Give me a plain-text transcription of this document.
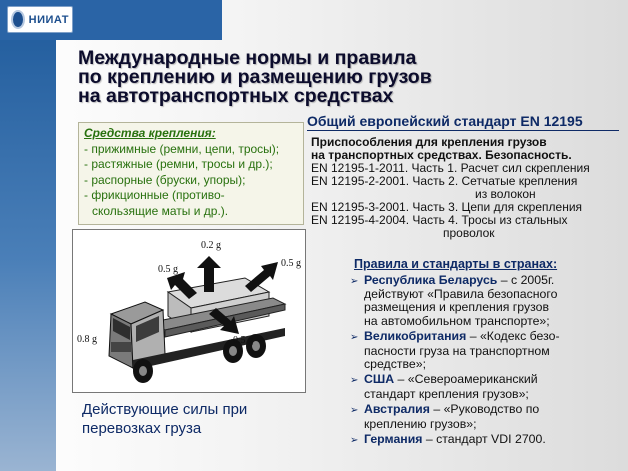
НИИАТ
Международные нормы и правила
по креплению и размещению грузов
на автотранспортных средствах
Общий европейский стандарт EN 12195
Приспособления для крепления грузов
на транспортных средствах. Безопасность.
EN 12195-1-2011. Часть 1. Расчет сил скрепления
EN 12195-2-2001. Часть 2. Сетчатые крепления
из волокон
EN 12195-3-2001. Часть 3. Цепи для скрепления
EN 12195-4-2004. Часть 4. Тросы из стальных
проволок
Средства крепления:
- прижимные (ремни, цепи, тросы);
- растяжные (ремни, тросы и др.);
- распорные (бруски, упоры);
- фрикционные (противо-
скользящие маты и др.).
0.2 g
0.5 g
0.5 g
0.8 g	0.5 g
Действующие силы при
перевозках груза
Правила и стандарты в странах:
➢ Республика Беларусь – с 2005г.
действуют «Правила безопасного
размещения и крепления грузов
на автомобильном транспорте»;
➢ Великобритания – «Кодекс безо-
пасности груза на транспортном
средстве»;
➢ США – «Североамериканский
стандарт крепления грузов»;
➢ Австралия – «Руководство по
креплению грузов»;
➢ Германия – стандарт VDI 2700.
